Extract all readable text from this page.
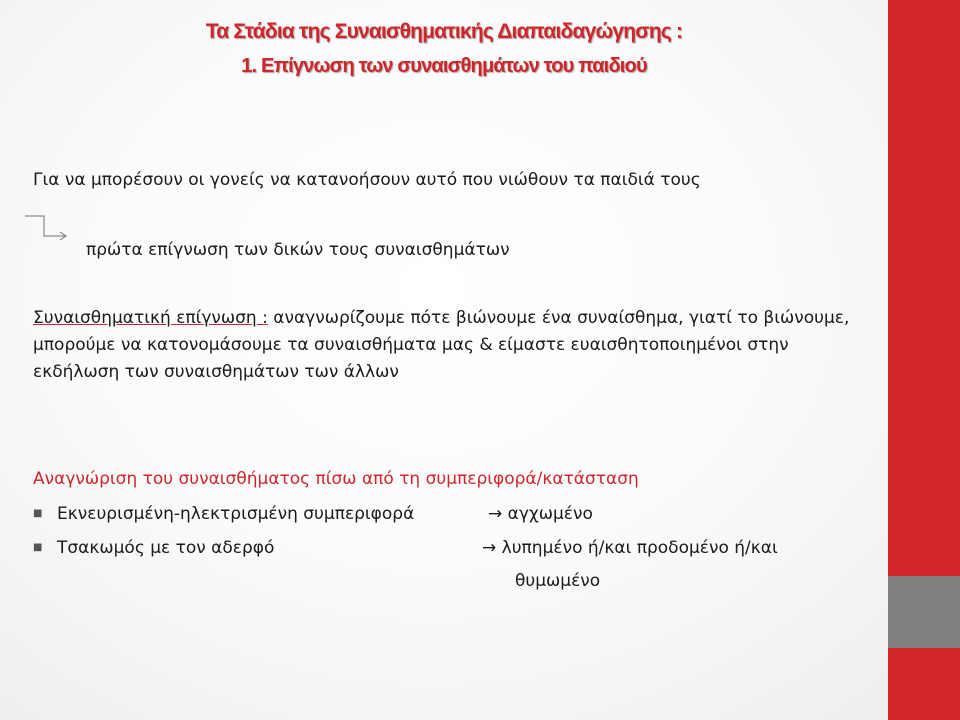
Τα Στάδια της Συναισθηματικής Διαπαιδαγώγησης :
1. Επίγνωση των συναισθημάτων του παιδιού

Για να μπορέσουν οι γονείς να κατανοήσουν αυτό που νιώθουν τα παιδιά τους

πρώτα επίγνωση των δικών τους συναισθημάτων

Συναισθηματική επίγνωση : αναγνωρίζουμε πότε βιώνουμε ένα συναίσθημα, γιατί το βιώνουμε, μπορούμε να κατονομάσουμε τα συναισθήματα μας & είμαστε ευαισθητοποιημένοι στην εκδήλωση των συναισθημάτων των άλλων

Αναγνώριση του συναισθήματος πίσω από τη συμπεριφορά/κατάσταση

■ Εκνευρισμένη-ηλεκτρισμένη συμπεριφορά	→ αγχωμένο
■ Τσακωμός με τον αδερφό	→ λυπημένο ή/και προδομένο ή/και
θυμωμένο
